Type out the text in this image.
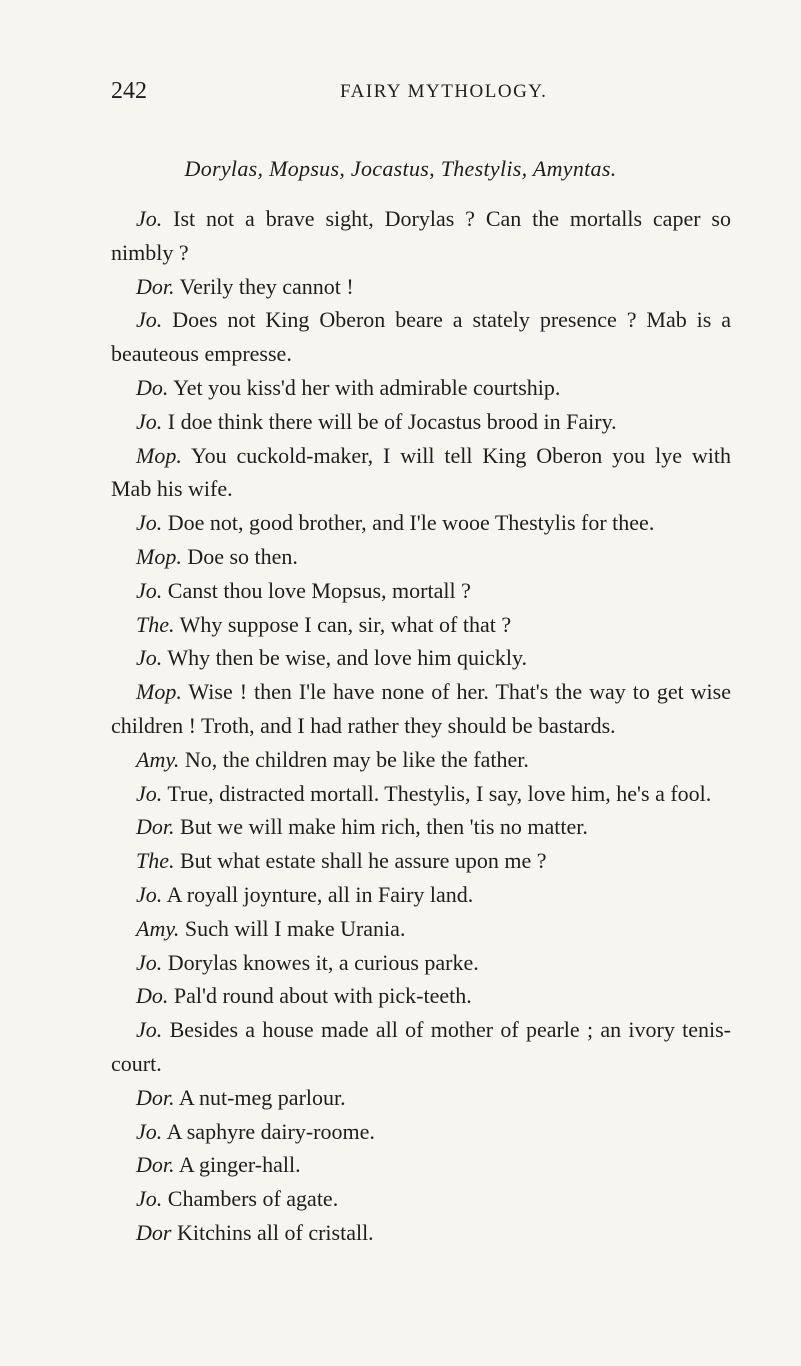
242	FAIRY MYTHOLOGY.
Dorylas, Mopsus, Jocastus, Thestylis, Amyntas.

Jo. Ist not a brave sight, Dorylas ? Can the mortalls caper so nimbly ?

Dor. Verily they cannot !

Jo. Does not King Oberon beare a stately presence ? Mab is a beauteous empresse.

Do. Yet you kiss'd her with admirable courtship.

Jo. I doe think there will be of Jocastus brood in Fairy.

Mop. You cuckold-maker, I will tell King Oberon you lye with Mab his wife.

Jo. Doe not, good brother, and I'le wooe Thestylis for thee.

Mop. Doe so then.

Jo. Canst thou love Mopsus, mortall ?

The. Why suppose I can, sir, what of that ?

Jo. Why then be wise, and love him quickly.

Mop. Wise ! then I'le have none of her. That's the way to get wise children ! Troth, and I had rather they should be bastards.

Amy. No, the children may be like the father.

Jo. True, distracted mortall. Thestylis, I say, love him, he's a fool.

Dor. But we will make him rich, then 'tis no matter.

The. But what estate shall he assure upon me ?

Jo. A royall joynture, all in Fairy land.

Amy. Such will I make Urania.

Jo. Dorylas knowes it, a curious parke.

Do. Pal'd round about with pick-teeth.

Jo. Besides a house made all of mother of pearle ; an ivory tenis-court.

Dor. A nut-meg parlour.

Jo. A saphyre dairy-roome.

Dor. A ginger-hall.

Jo. Chambers of agate.

Dor Kitchins all of cristall.
